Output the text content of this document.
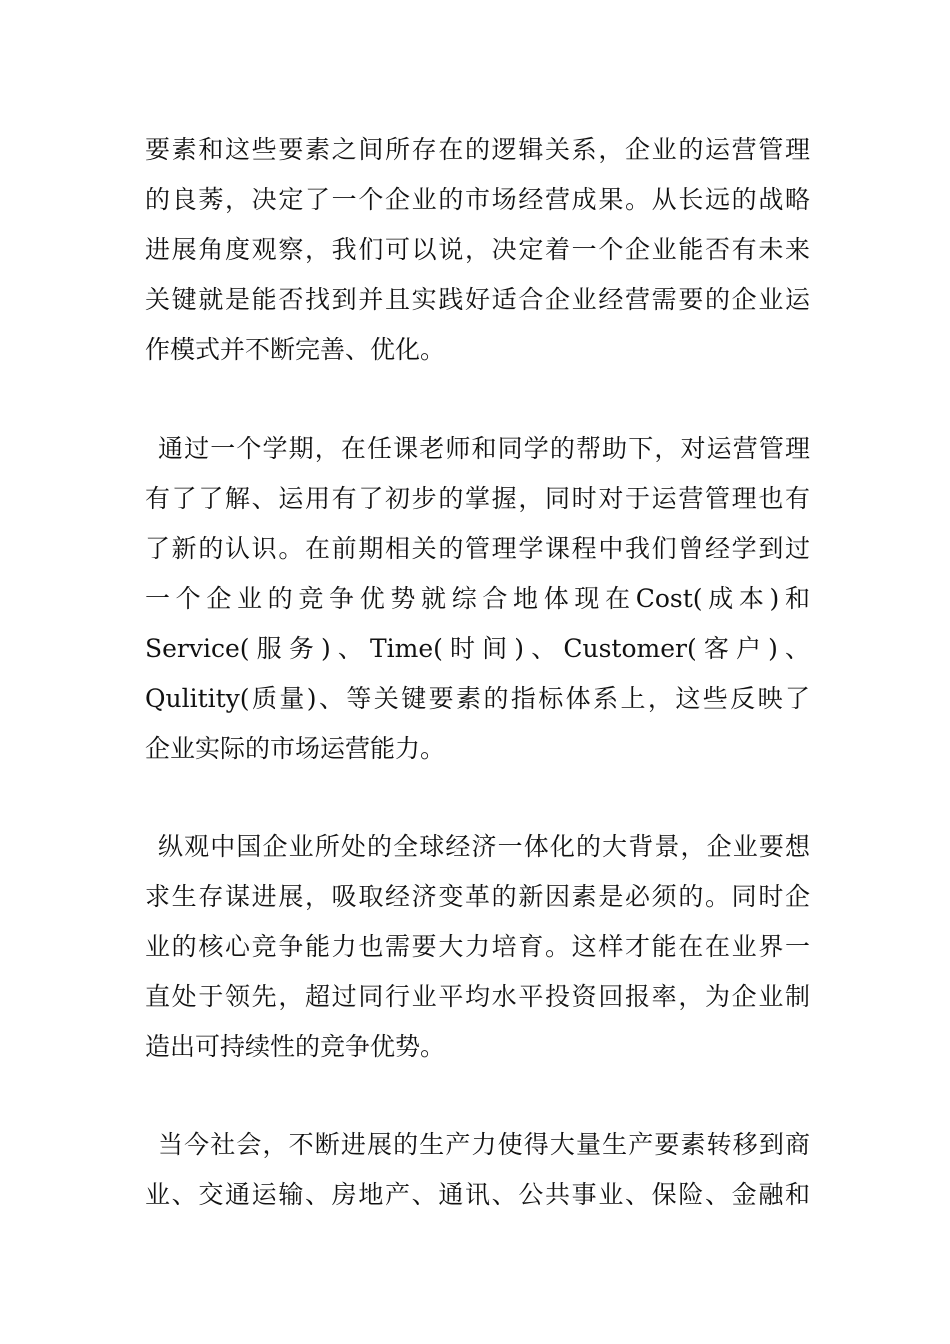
要素和这些要素之间所存在的逻辑关系，企业的运营管理
的良莠，决定了一个企业的市场经营成果。从长远的战略
进展角度观察，我们可以说，决定着一个企业能否有未来
关键就是能否找到并且实践好适合企业经营需要的企业运
作模式并不断完善、优化。
通过一个学期，在任课老师和同学的帮助下，对运营管理
有了了解、运用有了初步的掌握，同时对于运营管理也有
了新的认识。在前期相关的管理学课程中我们曾经学到过
一个企业的竞争优势就综合地体现在Cost(成本)和
Service(服务)、Time(时间)、Customer(客户)、
Qulitity(质量)、等关键要素的指标体系上，这些反映了
企业实际的市场运营能力。
纵观中国企业所处的全球经济一体化的大背景，企业要想
求生存谋进展，吸取经济变革的新因素是必须的。同时企
业的核心竞争能力也需要大力培育。这样才能在在业界一
直处于领先，超过同行业平均水平投资回报率，为企业制
造出可持续性的竞争优势。
当今社会，不断进展的生产力使得大量生产要素转移到商
业、交通运输、房地产、通讯、公共事业、保险、金融和
